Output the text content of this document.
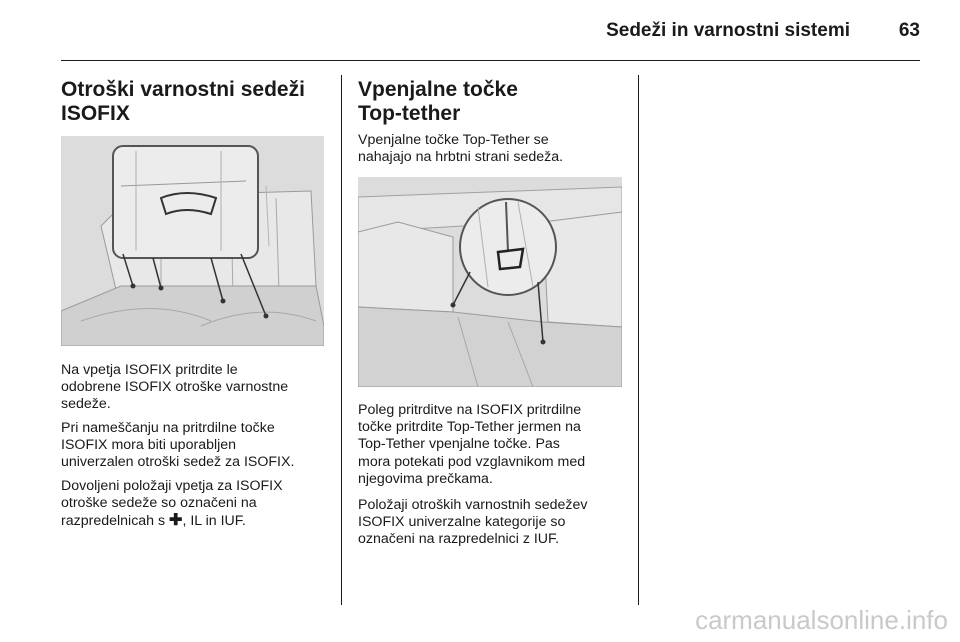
Sedeži in varnostni sistemi	63
Otroški varnostni sedeži
ISOFIX
Na vpetja ISOFIX pritrdite le
odobrene ISOFIX otroške varnostne
sedeže.
Pri nameščanju na pritrdilne točke
ISOFIX mora biti uporabljen
univerzalen otroški sedež za ISOFIX.
Dovoljeni položaji vpetja za ISOFIX
otroške sedeže so označeni na
razpredelnicah s ✚, IL in IUF.
Vpenjalne točke
Top-tether
Vpenjalne točke Top-Tether se
nahajajo na hrbtni strani sedeža.
Poleg pritrditve na ISOFIX pritrdilne
točke pritrdite Top-Tether jermen na
Top-Tether vpenjalne točke. Pas
mora potekati pod vzglavnikom med
njegovima prečkama.
Položaji otroških varnostnih sedežev
ISOFIX univerzalne kategorije so
označeni na razpredelnici z IUF.
carmanualsonline.info
